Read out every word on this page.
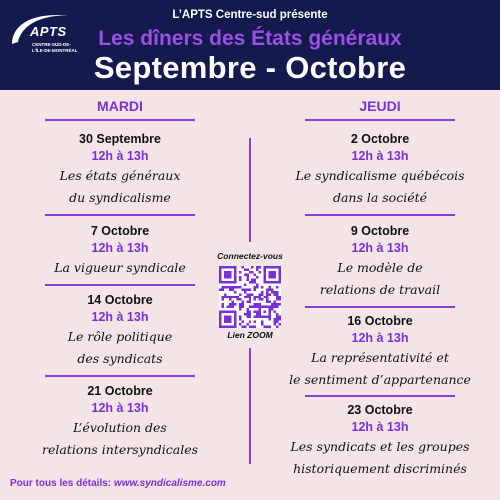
APTS
CENTRE-SUD-DE-L’ÎLE-DE-MONTRÉAL
L’APTS Centre-sud présente
Les dîners des États généraux
Septembre - Octobre
MARDI	JEUDI
30 Septembre
12h à 13h
Les états généraux
du syndicalisme
7 Octobre
12h à 13h
La vigueur syndicale
14 Octobre
12h à 13h
Le rôle politique
des syndicats
21 Octobre
12h à 13h
L’évolution des
relations intersyndicales
2 Octobre
12h à 13h
Le syndicalisme québécois
dans la société
9 Octobre
12h à 13h
Le modèle de
relations de travail
16 Octobre
12h à 13h
La représentativité et
le sentiment d’appartenance
23 Octobre
12h à 13h
Les syndicats et les groupes
historiquement discriminés
Connectez-vous
Lien ZOOM
Pour tous les détails: www.syndicalisme.com
